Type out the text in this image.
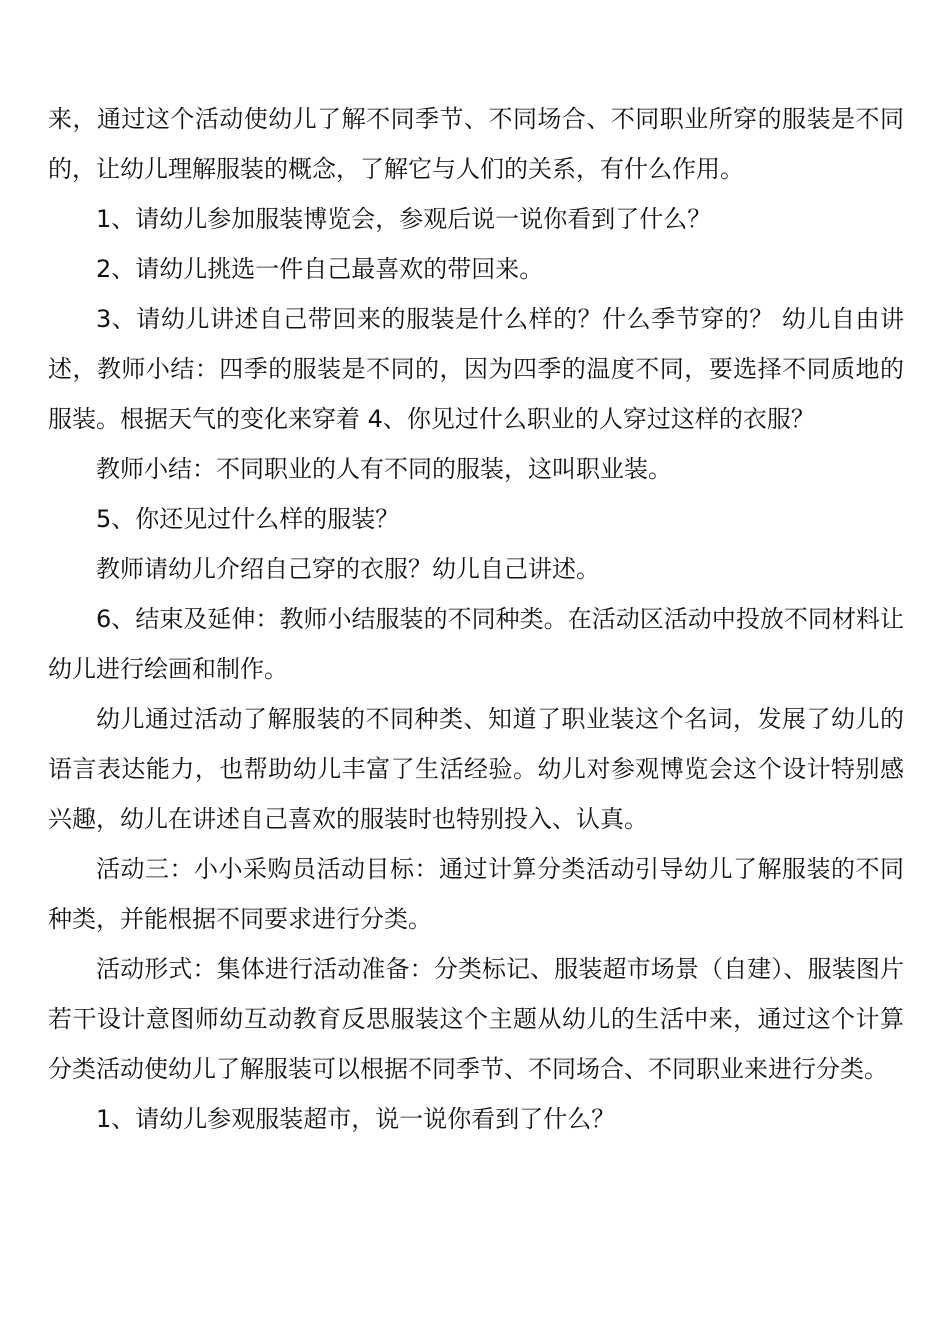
来，通过这个活动使幼儿了解不同季节、不同场合、不同职业所穿的服装是不同的，让幼儿理解服装的概念，了解它与人们的关系，有什么作用。

1、请幼儿参加服装博览会，参观后说一说你看到了什么？

2、请幼儿挑选一件自己最喜欢的带回来。

3、请幼儿讲述自己带回来的服装是什么样的？什么季节穿的？ 幼儿自由讲述，教师小结：四季的服装是不同的，因为四季的温度不同，要选择不同质地的服装。根据天气的变化来穿着 4、你见过什么职业的人穿过这样的衣服？

教师小结：不同职业的人有不同的服装，这叫职业装。

5、你还见过什么样的服装？

教师请幼儿介绍自己穿的衣服？幼儿自己讲述。

6、结束及延伸：教师小结服装的不同种类。在活动区活动中投放不同材料让幼儿进行绘画和制作。

幼儿通过活动了解服装的不同种类、知道了职业装这个名词，发展了幼儿的语言表达能力，也帮助幼儿丰富了生活经验。幼儿对参观博览会这个设计特别感兴趣，幼儿在讲述自己喜欢的服装时也特别投入、认真。

活动三：小小采购员活动目标：通过计算分类活动引导幼儿了解服装的不同种类，并能根据不同要求进行分类。

活动形式：集体进行活动准备：分类标记、服装超市场景（自建）、服装图片若干设计意图师幼互动教育反思服装这个主题从幼儿的生活中来，通过这个计算分类活动使幼儿了解服装可以根据不同季节、不同场合、不同职业来进行分类。

1、请幼儿参观服装超市，说一说你看到了什么？
